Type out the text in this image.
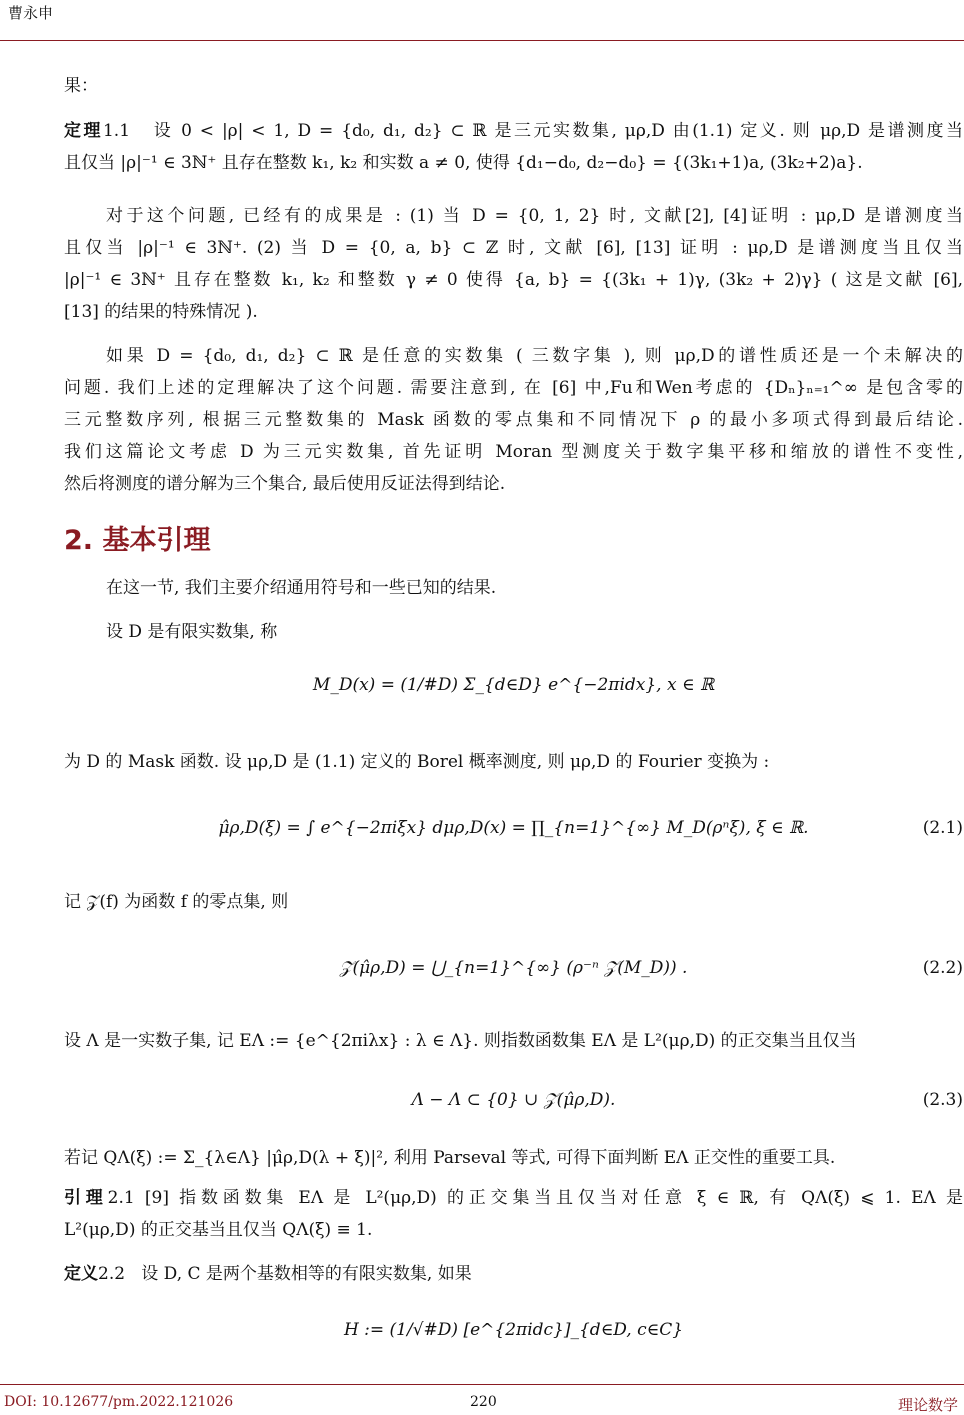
曹永申
果：
定理1.1 设 0 < |ρ| < 1, D = {d₀, d₁, d₂} ⊂ ℝ 是三元实数集, μρ,D 由(1.1) 定义. 则 μρ,D 是谱测度当
且仅当 |ρ|⁻¹ ∈ 3ℕ⁺ 且存在整数 k₁, k₂ 和实数 a ≠ 0, 使得 {d₁−d₀, d₂−d₀} = {(3k₁+1)a, (3k₂+2)a}.
对于这个问题, 已经有的成果是 : (1) 当 D = {0, 1, 2} 时, 文献[2], [4]证明 : μρ,D 是谱测度当
且仅当 |ρ|⁻¹ ∈ 3ℕ⁺. (2) 当 D = {0, a, b} ⊂ ℤ 时, 文献 [6], [13] 证明 : μρ,D 是谱测度当且仅当
|ρ|⁻¹ ∈ 3ℕ⁺ 且存在整数 k₁, k₂ 和整数 γ ≠ 0 使得 {a, b} = {(3k₁ + 1)γ, (3k₂ + 2)γ} ( 这是文献 [6],
[13] 的结果的特殊情况 ).
如果 D = {d₀, d₁, d₂} ⊂ ℝ 是任意的实数集 ( 三数字集 ), 则 μρ,D的谱性质还是一个未解决的
问题. 我们上述的定理解决了这个问题. 需要注意到, 在 [6] 中,Fu和Wen考虑的 {Dₙ}ₙ₌₁^∞ 是包含零的
三元整数序列, 根据三元整数集的 Mask 函数的零点集和不同情况下 ρ 的最小多项式得到最后结论.
我们这篇论文考虑 D 为三元实数集, 首先证明 Moran 型测度关于数字集平移和缩放的谱性不变性,
然后将测度的谱分解为三个集合, 最后使用反证法得到结论.
2. 基本引理
在这一节, 我们主要介绍通用符号和一些已知的结果.
设 D 是有限实数集, 称
M_D(x) = (1/#D) Σ_{d∈D} e^{−2πidx}, x ∈ ℝ
为 D 的 Mask 函数. 设 μρ,D 是 (1.1) 定义的 Borel 概率测度, 则 μρ,D 的 Fourier 变换为 :
μ̂ρ,D(ξ) = ∫ e^{−2πiξx} dμρ,D(x) = ∏_{n=1}^{∞} M_D(ρⁿξ), ξ ∈ ℝ.	(2.1)
记 𝒵(f) 为函数 f 的零点集, 则
𝒵(μ̂ρ,D) = ⋃_{n=1}^{∞} (ρ⁻ⁿ 𝒵(M_D)) .	(2.2)
设 Λ 是一实数子集, 记 EΛ := {e^{2πiλx} : λ ∈ Λ}. 则指数函数集 EΛ 是 L²(μρ,D) 的正交集当且仅当
Λ − Λ ⊂ {0} ∪ 𝒵(μ̂ρ,D).	(2.3)
若记 QΛ(ξ) := Σ_{λ∈Λ} |μ̂ρ,D(λ + ξ)|², 利用 Parseval 等式, 可得下面判断 EΛ 正交性的重要工具.
引理2.1 [9] 指数函数集 EΛ 是 L²(μρ,D) 的正交集当且仅当对任意 ξ ∈ ℝ, 有 QΛ(ξ) ⩽ 1. EΛ 是
L²(μρ,D) 的正交基当且仅当 QΛ(ξ) ≡ 1.
定义2.2 设 D, C 是两个基数相等的有限实数集, 如果
H := (1/√#D) [e^{2πidc}]_{d∈D, c∈C}
DOI: 10.12677/pm.2022.121026	220	理论数学
